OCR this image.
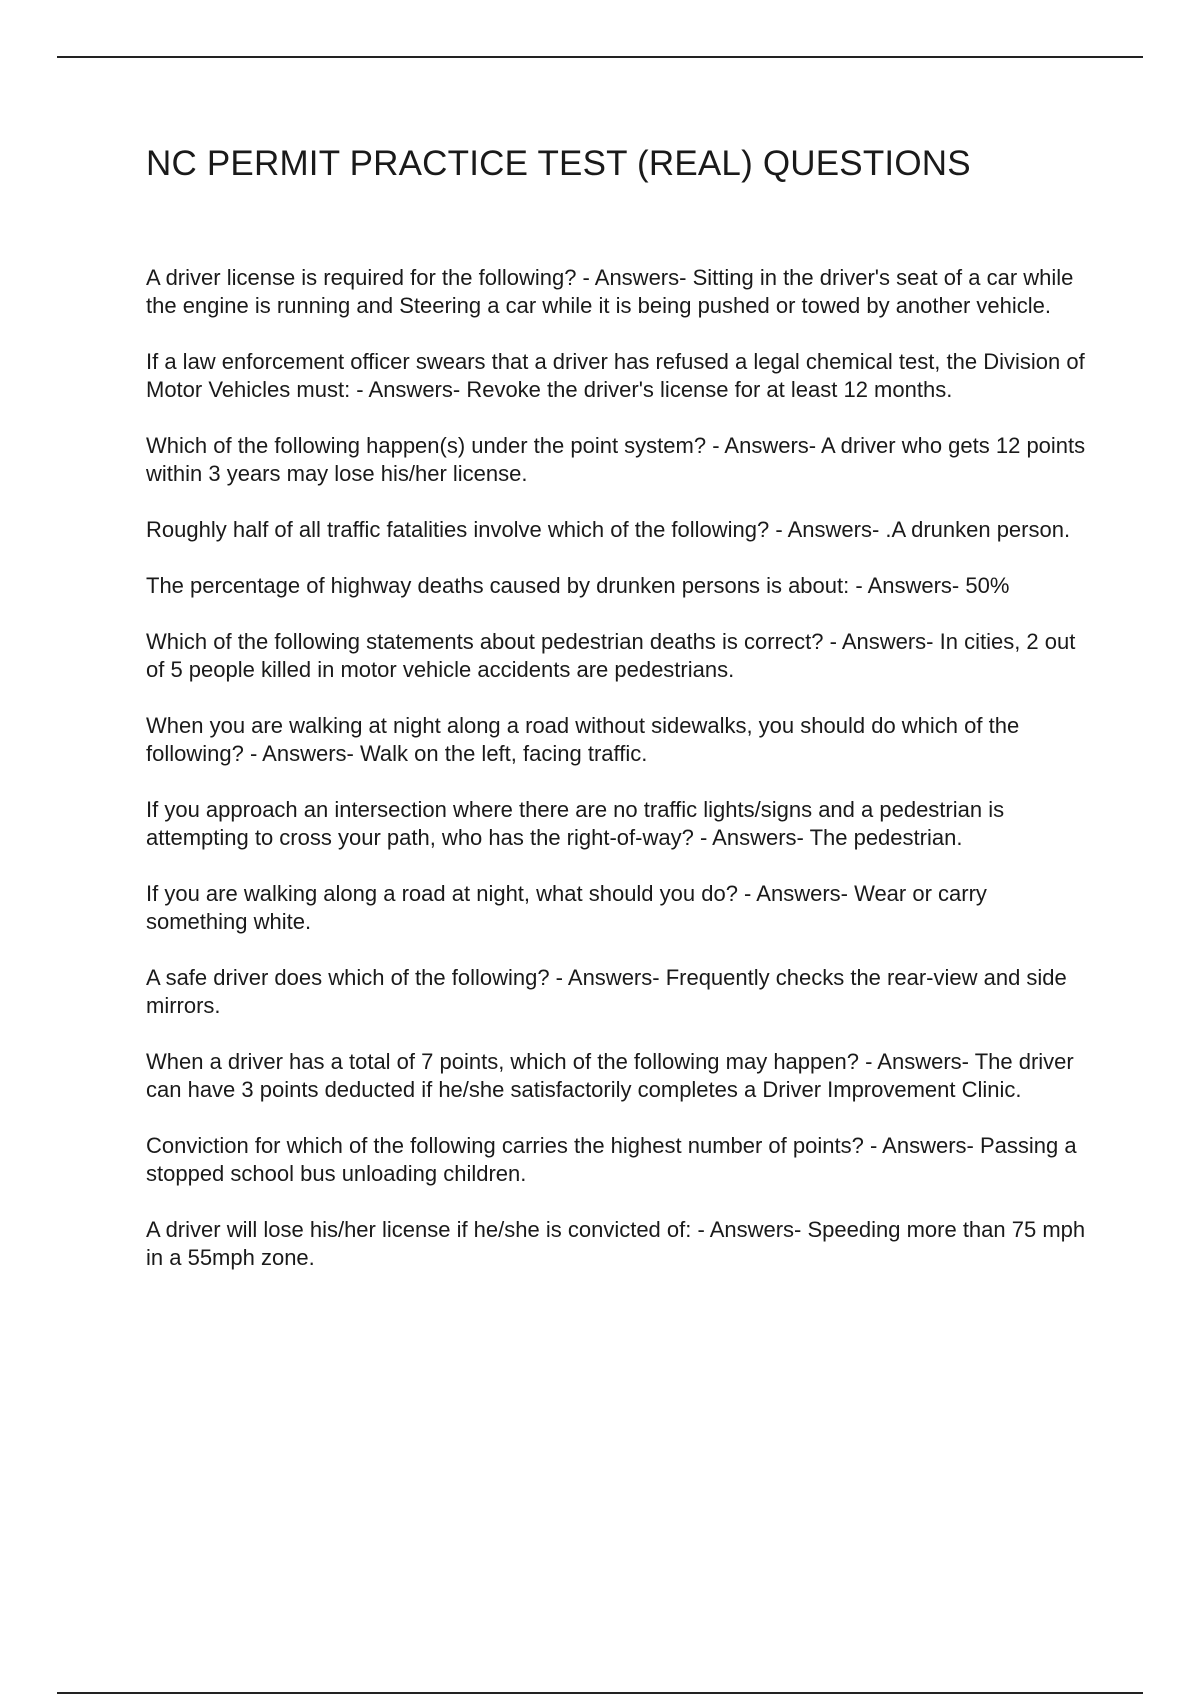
NC PERMIT PRACTICE TEST (REAL) QUESTIONS
A driver license is required for the following? - Answers- Sitting in the driver's seat of a car while the engine is running and Steering a car while it is being pushed or towed by another vehicle.
If a law enforcement officer swears that a driver has refused a legal chemical test, the Division of Motor Vehicles must: - Answers- Revoke the driver's license for at least 12 months.
Which of the following happen(s) under the point system? - Answers- A driver who gets 12 points within 3 years may lose his/her license.
Roughly half of all traffic fatalities involve which of the following? - Answers- .A drunken person.
The percentage of highway deaths caused by drunken persons is about: - Answers- 50%
Which of the following statements about pedestrian deaths is correct? - Answers- In cities, 2 out of 5 people killed in motor vehicle accidents are pedestrians.
When you are walking at night along a road without sidewalks, you should do which of the following? - Answers- Walk on the left, facing traffic.
If you approach an intersection where there are no traffic lights/signs and a pedestrian is attempting to cross your path, who has the right-of-way? - Answers- The pedestrian.
If you are walking along a road at night, what should you do? - Answers- Wear or carry something white.
A safe driver does which of the following? - Answers- Frequently checks the rear-view and side mirrors.
When a driver has a total of 7 points, which of the following may happen? - Answers- The driver can have 3 points deducted if he/she satisfactorily completes a Driver Improvement Clinic.
Conviction for which of the following carries the highest number of points? - Answers- Passing a stopped school bus unloading children.
A driver will lose his/her license if he/she is convicted of: - Answers- Speeding more than 75 mph in a 55mph zone.
